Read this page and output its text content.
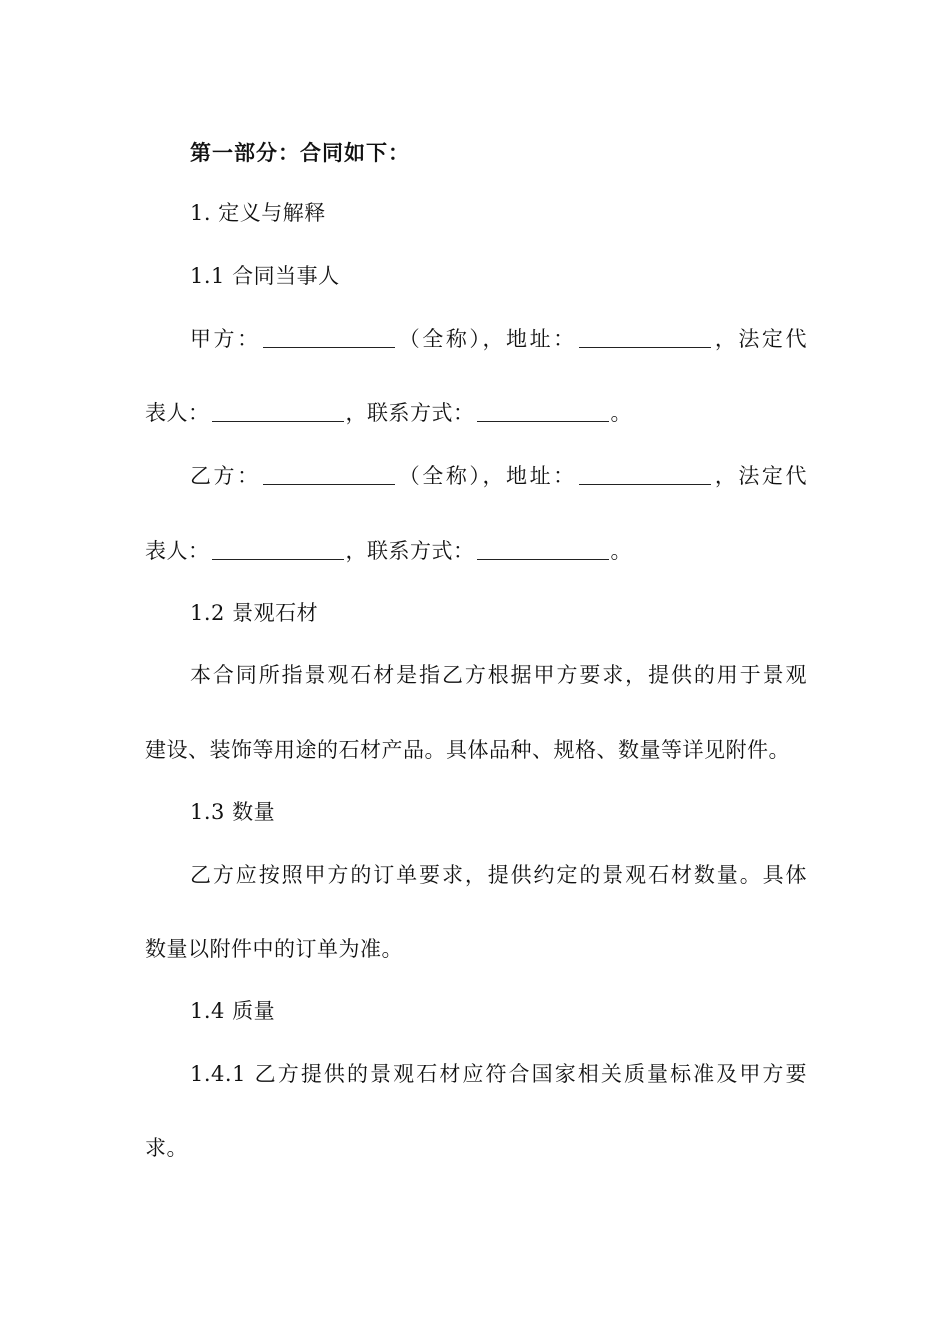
第一部分：合同如下：
1. 定义与解释
1.1 合同当事人
甲方：	（全称），地址：	，法定代
表人：	，联系方式：	。
乙方：	（全称），地址：	，法定代
表人：	，联系方式：	。
1.2 景观石材
本合同所指景观石材是指乙方根据甲方要求，提供的用于景观
建设、装饰等用途的石材产品。具体品种、规格、数量等详见附件。
1.3 数量
乙方应按照甲方的订单要求，提供约定的景观石材数量。具体
数量以附件中的订单为准。
1.4 质量
1.4.1 乙方提供的景观石材应符合国家相关质量标准及甲方要
求。
